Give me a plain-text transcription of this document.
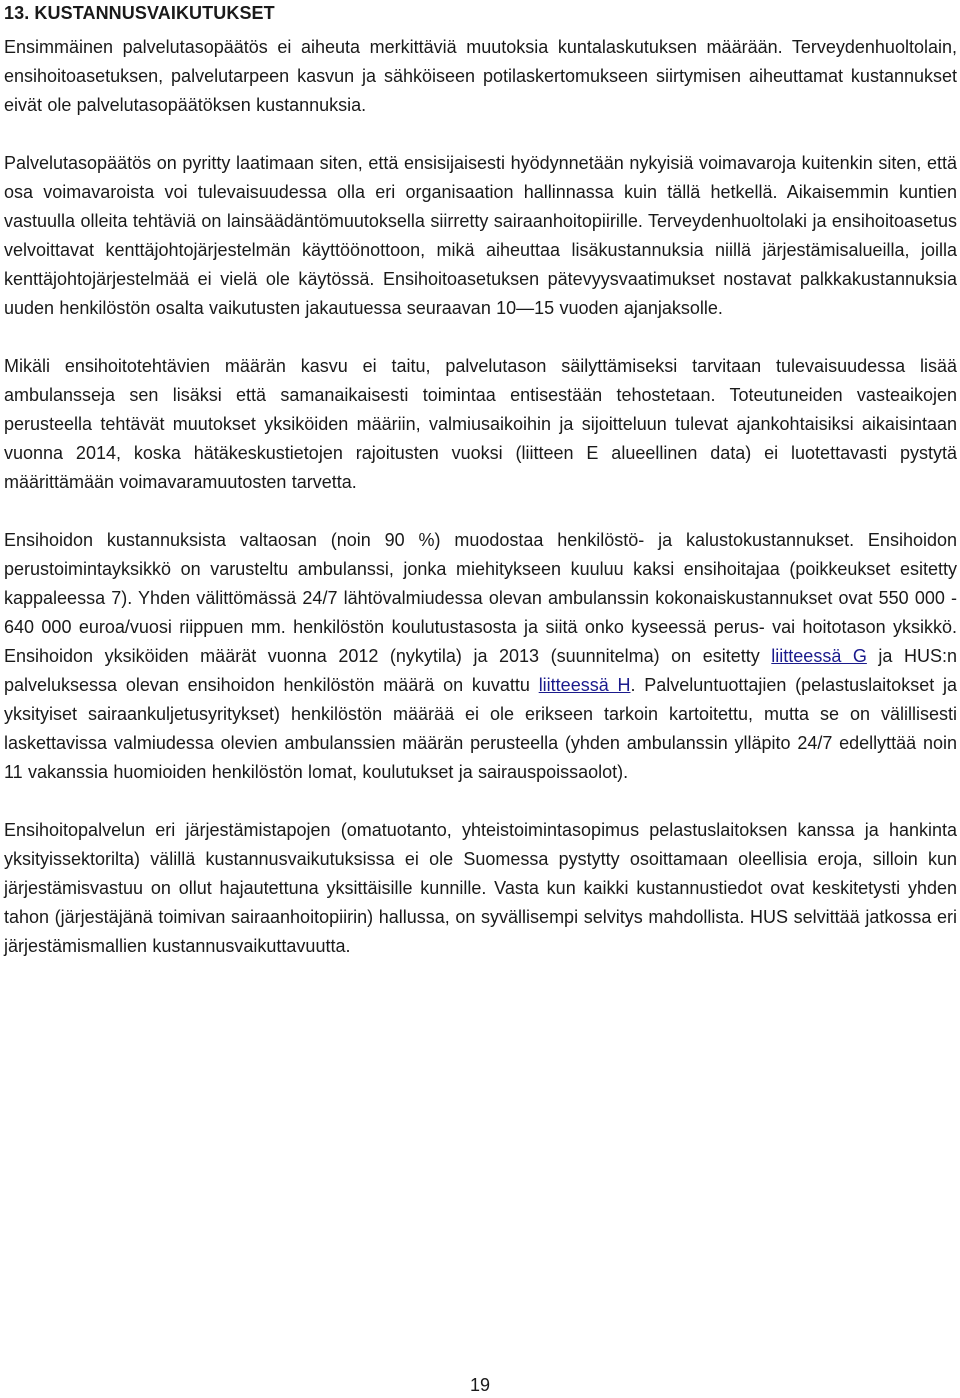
13. KUSTANNUSVAIKUTUKSET

Ensimmäinen palvelutasopäätös ei aiheuta merkittäviä muutoksia kuntalaskutuksen määrään. Terveydenhuoltolain, ensihoitoasetuksen, palvelutarpeen kasvun ja sähköiseen potilaskertomukseen siirtymisen aiheuttamat kustannukset eivät ole palvelutasopäätöksen kustannuksia.

Palvelutasopäätös on pyritty laatimaan siten, että ensisijaisesti hyödynnetään nykyisiä voimavaroja kuitenkin siten, että osa voimavaroista voi tulevaisuudessa olla eri organisaation hallinnassa kuin tällä hetkellä. Aikaisemmin kuntien vastuulla olleita tehtäviä on lainsäädäntömuutoksella siirretty sairaanhoitopiirille. Terveydenhuoltolaki ja ensihoitoasetus velvoittavat kenttäjohtojärjestelmän käyttöönottoon, mikä aiheuttaa lisäkustannuksia niillä järjestämisalueilla, joilla kenttäjohtojärjestelmää ei vielä ole käytössä. Ensihoitoasetuksen pätevyysvaatimukset nostavat palkkakustannuksia uuden henkilöstön osalta vaikutusten jakautuessa seuraavan 10—15 vuoden ajanjaksolle.

Mikäli ensihoitotehtävien määrän kasvu ei taitu, palvelutason säilyttämiseksi tarvitaan tulevaisuudessa lisää ambulansseja sen lisäksi että samanaikaisesti toimintaa entisestään tehostetaan. Toteutuneiden vasteaikojen perusteella tehtävät muutokset yksiköiden määriin, valmiusaikoihin ja sijoitteluun tulevat ajankohtaisiksi aikaisintaan vuonna 2014, koska hätäkeskustietojen rajoitusten vuoksi (liitteen E alueellinen data) ei luotettavasti pystytä määrittämään voimavaramuutosten tarvetta.

Ensihoidon kustannuksista valtaosan (noin 90 %) muodostaa henkilöstö- ja kalustokustannukset. Ensihoidon perustoimintayksikkö on varusteltu ambulanssi, jonka miehitykseen kuuluu kaksi ensihoitajaa (poikkeukset esitetty kappaleessa 7). Yhden välittömässä 24/7 lähtövalmiudessa olevan ambulanssin kokonaiskustannukset ovat 550 000 - 640 000 euroa/vuosi riippuen mm. henkilöstön koulutustasosta ja siitä onko kyseessä perus- vai hoitotason yksikkö. Ensihoidon yksiköiden määrät vuonna 2012 (nykytila) ja 2013 (suunnitelma) on esitetty liitteessä G ja HUS:n palveluksessa olevan ensihoidon henkilöstön määrä on kuvattu liitteessä H. Palveluntuottajien (pelastuslaitokset ja yksityiset sairaankuljetusyritykset) henkilöstön määrää ei ole erikseen tarkoin kartoitettu, mutta se on välillisesti laskettavissa valmiudessa olevien ambulanssien määrän perusteella (yhden ambulanssin ylläpito 24/7 edellyttää noin 11 vakanssia huomioiden henkilöstön lomat, koulutukset ja sairauspoissaolot).

Ensihoitopalvelun eri järjestämistapojen (omatuotanto, yhteistoimintasopimus pelastuslaitoksen kanssa ja hankinta yksityissektorilta) välillä kustannusvaikutuksissa ei ole Suomessa pystytty osoittamaan oleellisia eroja, silloin kun järjestämisvastuu on ollut hajautettuna yksittäisille kunnille. Vasta kun kaikki kustannustiedot ovat keskitetysti yhden tahon (järjestäjänä toimivan sairaanhoitopiirin) hallussa, on syvällisempi selvitys mahdollista. HUS selvittää jatkossa eri järjestämismallien kustannusvaikuttavuutta.

19
